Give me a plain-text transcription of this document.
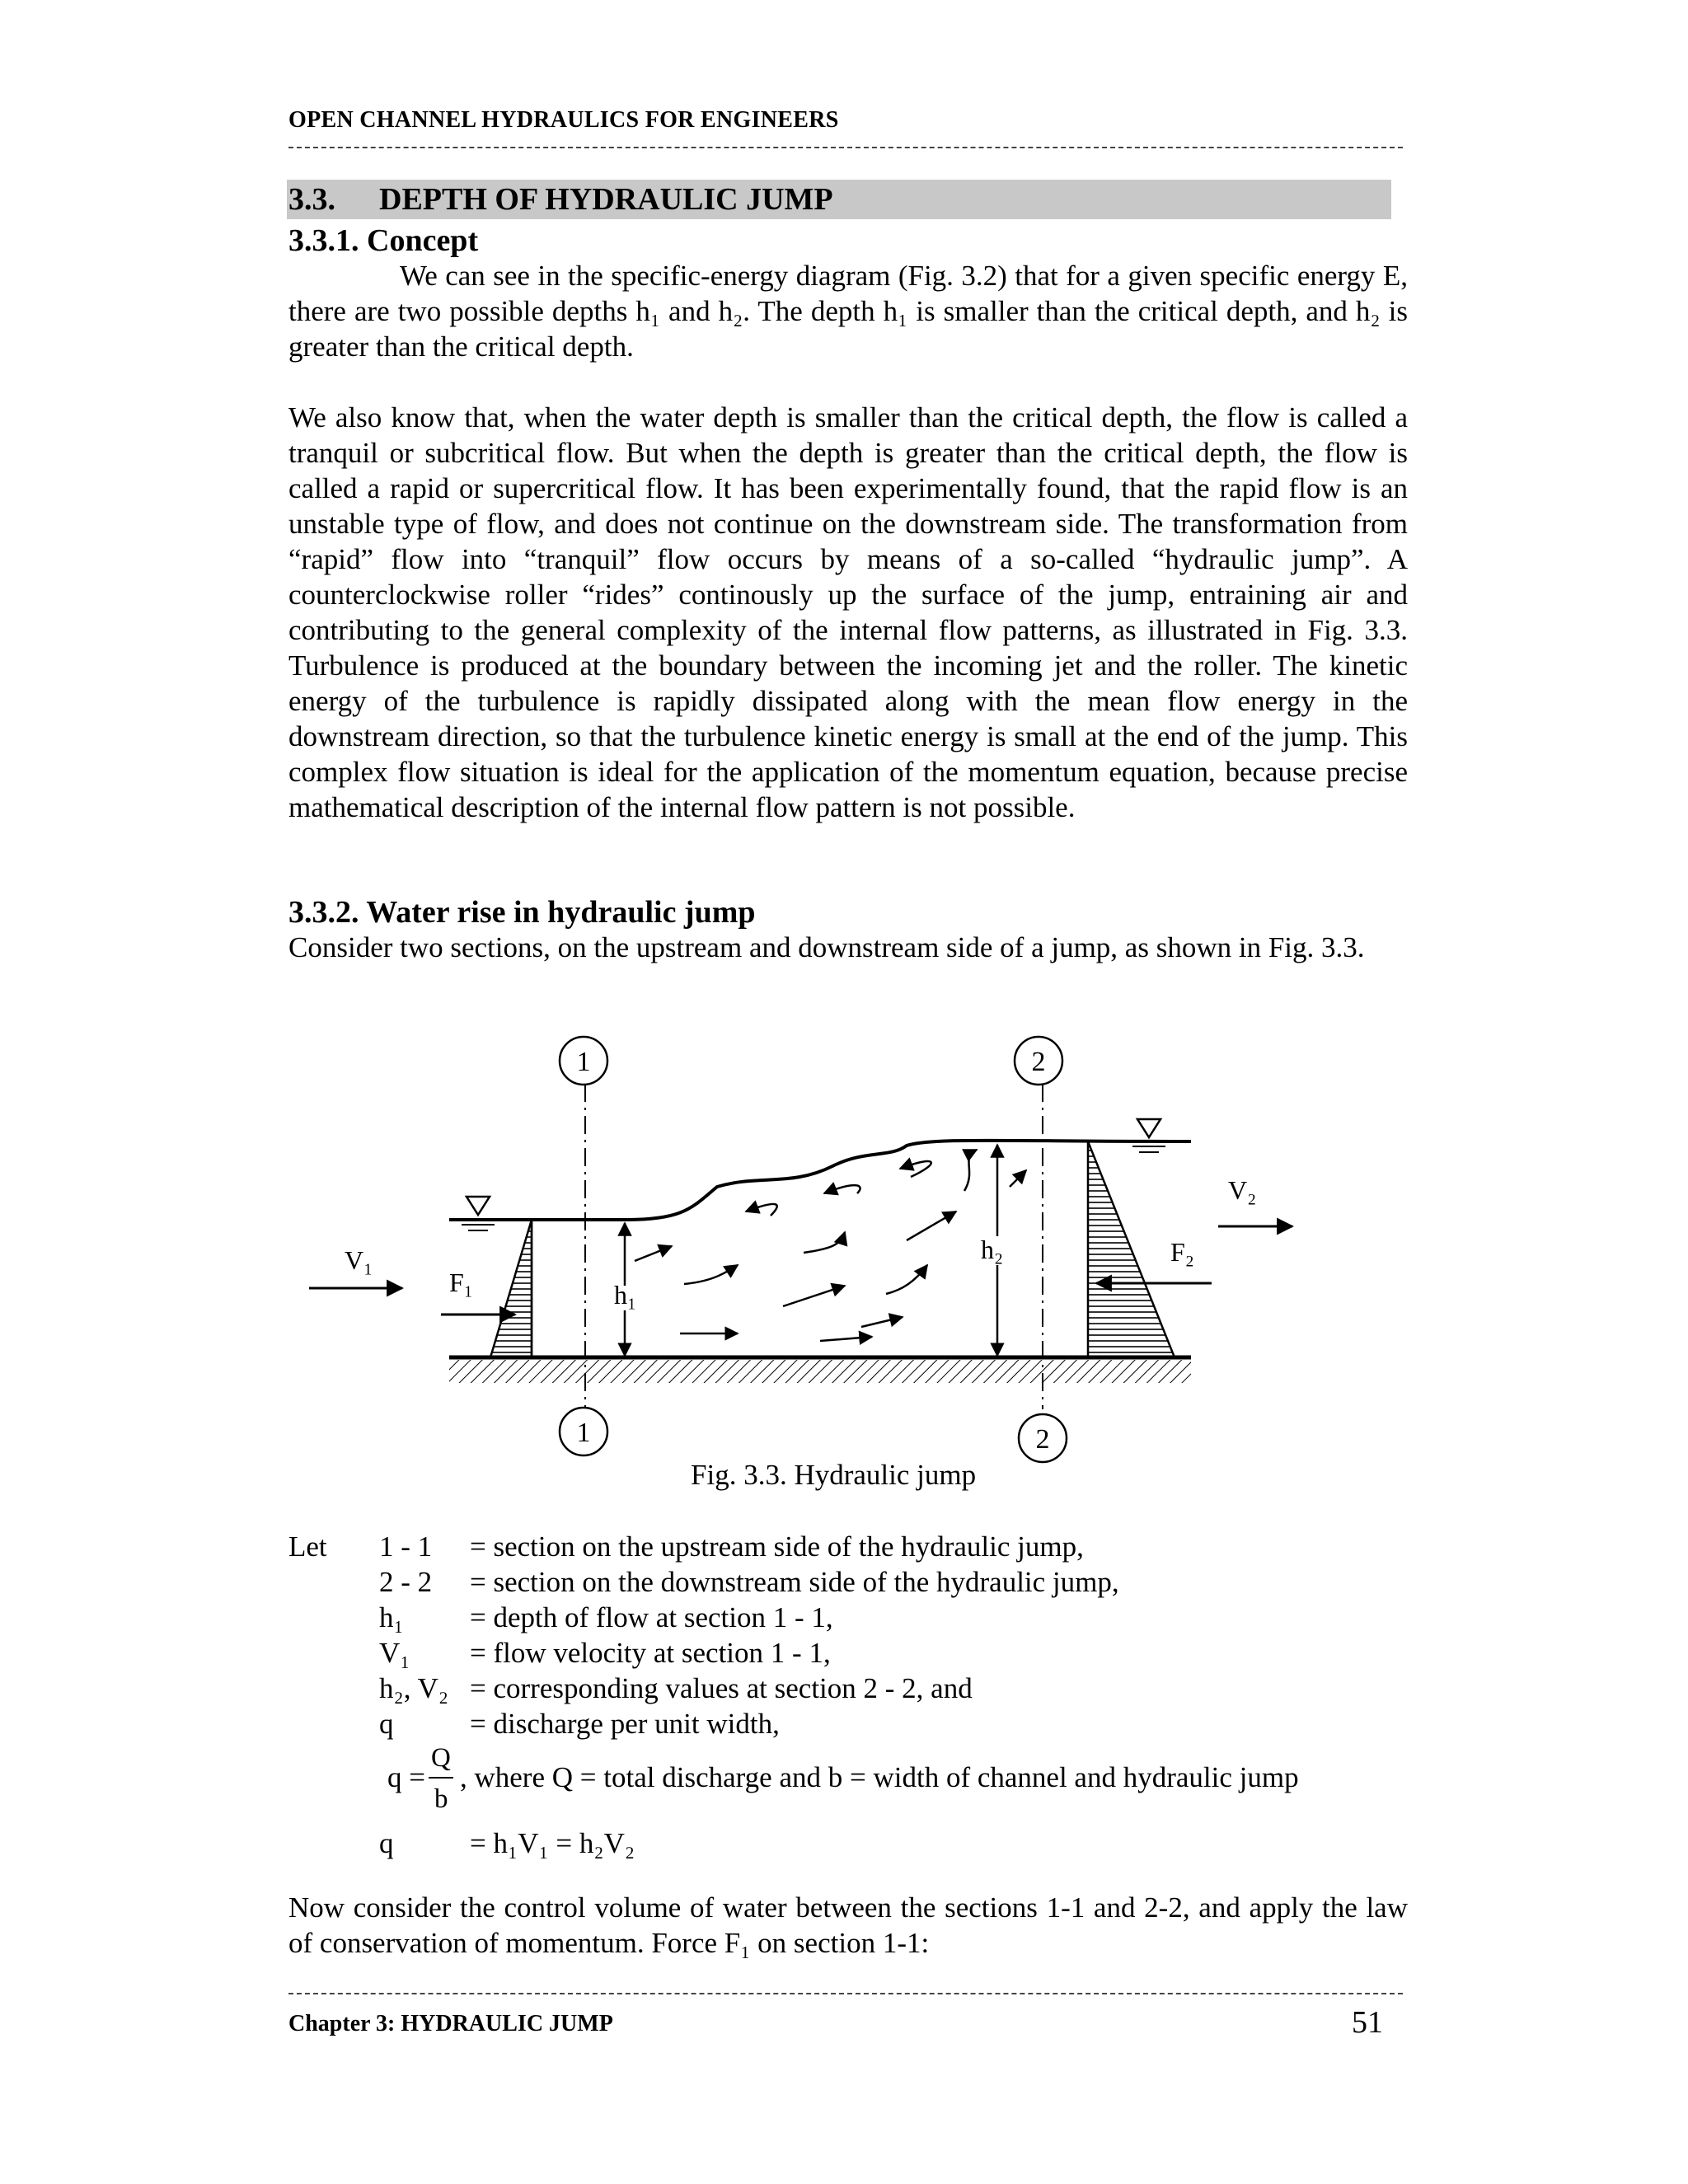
OPEN CHANNEL HYDRAULICS FOR ENGINEERS
3.3. DEPTH OF HYDRAULIC JUMP
3.3.1. Concept
We can see in the specific-energy diagram (Fig. 3.2) that for a given specific energy E, there are two possible depths h₁ and h₂. The depth h₁ is smaller than the critical depth, and h₂ is greater than the critical depth.
We also know that, when the water depth is smaller than the critical depth, the flow is called a tranquil or subcritical flow. But when the depth is greater than the critical depth, the flow is called a rapid or supercritical flow. It has been experimentally found, that the rapid flow is an unstable type of flow, and does not continue on the downstream side. The transformation from “rapid” flow into “tranquil” flow occurs by means of a so-called “hydraulic jump”. A counterclockwise roller “rides” continously up the surface of the jump, entraining air and contributing to the general complexity of the internal flow patterns, as illustrated in Fig. 3.3. Turbulence is produced at the boundary between the incoming jet and the roller. The kinetic energy of the turbulence is rapidly dissipated along with the mean flow energy in the downstream direction, so that the turbulence kinetic energy is small at the end of the jump. This complex flow situation is ideal for the application of the momentum equation, because precise mathematical description of the internal flow pattern is not possible.
3.3.2. Water rise in hydraulic jump
Consider two sections, on the upstream and downstream side of a jump, as shown in Fig. 3.3.
1	2
1	2
V₁
F₁
F₂
V₂
h₁
h₂
Fig. 3.3. Hydraulic jump
Let 1 - 1 = section on the upstream side of the hydraulic jump,
2 - 2 = section on the downstream side of the hydraulic jump,
h₁ = depth of flow at section 1 - 1,
V₁ = flow velocity at section 1 - 1,
h₂, V₂ = corresponding values at section 2 - 2, and
q	= discharge per unit width,
q =
Q
b
, where Q = total discharge and b = width of channel and hydraulic jump
q	= h₁V₁ = h₂V₂
Now consider the control volume of water between the sections 1-1 and 2-2, and apply the law of conservation of momentum. Force F₁ on section 1-1:
Chapter 3: HYDRAULIC JUMP	51
